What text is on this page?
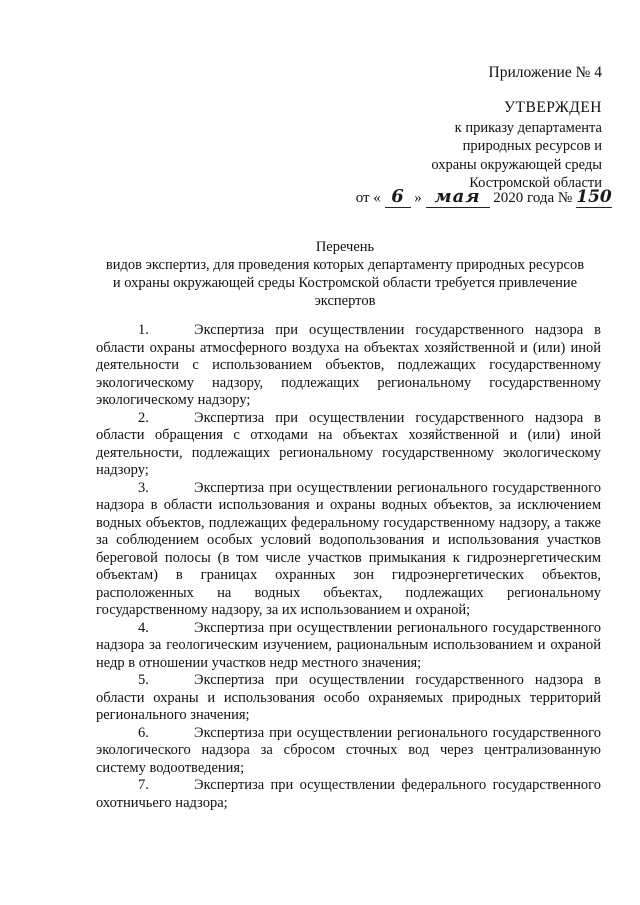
Приложение № 4
УТВЕРЖДЕН
к приказу департамента
природных ресурсов и
охраны окружающей среды
Костромской области
от « 6 » мая 2020 года № 150
Перечень
видов экспертиз, для проведения которых департаменту природных ресурсов
и охраны окружающей среды Костромской области требуется привлечение
экспертов

1.	Экспертиза при осуществлении государственного надзора в области охраны атмосферного воздуха на объектах хозяйственной и (или) иной деятельности с использованием объектов, подлежащих государственному экологическому надзору, подлежащих региональному государственному экологическому надзору;

2.	Экспертиза при осуществлении государственного надзора в области обращения с отходами на объектах хозяйственной и (или) иной деятельности, подлежащих региональному государственному экологическому надзору;

3.	Экспертиза при осуществлении регионального государственного надзора в области использования и охраны водных объектов, за исключением водных объектов, подлежащих федеральному государственному надзору, а также за соблюдением особых условий водопользования и использования участков береговой полосы (в том числе участков примыкания к гидроэнергетическим объектам) в границах охранных зон гидроэнергетических объектов, расположенных на водных объектах, подлежащих региональному государственному надзору, за их использованием и охраной;

4.	Экспертиза при осуществлении регионального государственного надзора за геологическим изучением, рациональным использованием и охраной недр в отношении участков недр местного значения;

5.	Экспертиза при осуществлении государственного надзора в области охраны и использования особо охраняемых природных территорий регионального значения;

6.	Экспертиза при осуществлении регионального государственного экологического надзора за сбросом сточных вод через централизованную систему водоотведения;

7.	Экспертиза при осуществлении федерального государственного охотничьего надзора;
